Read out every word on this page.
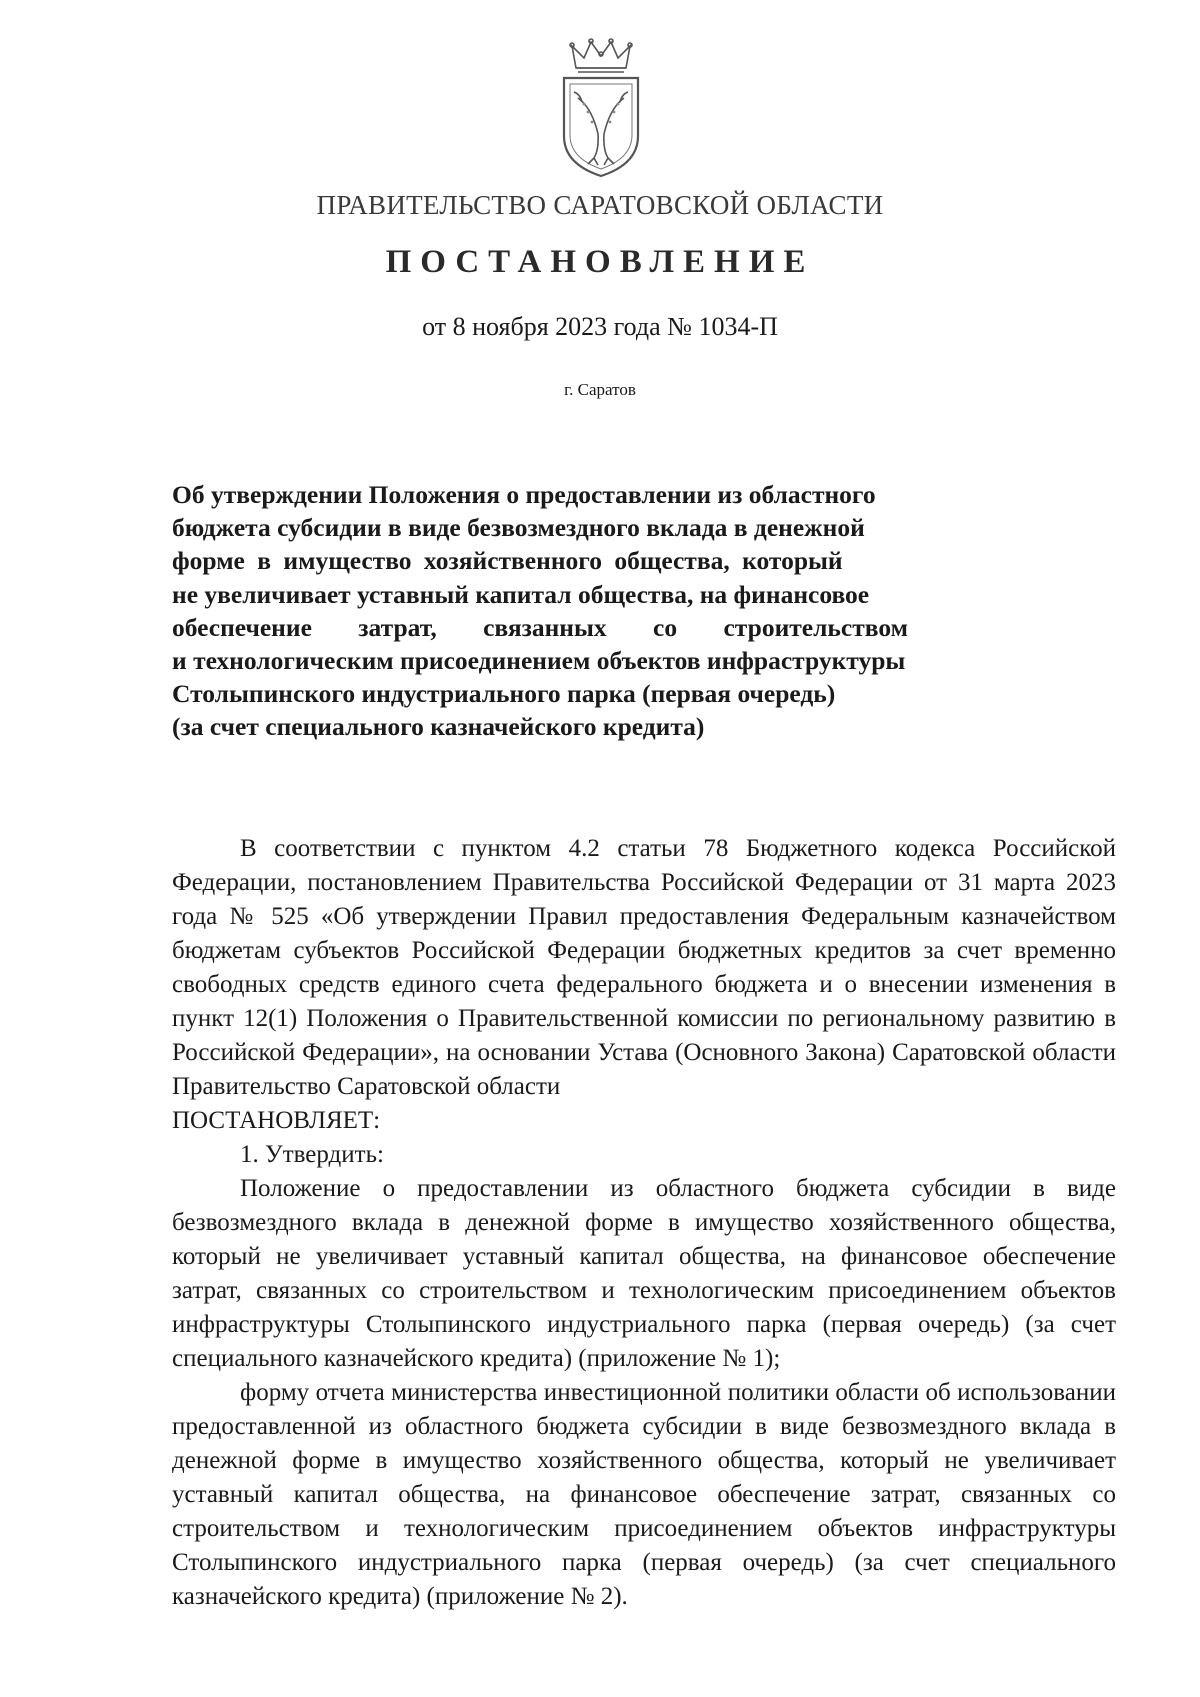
ПРАВИТЕЛЬСТВО САРАТОВСКОЙ ОБЛАСТИ
ПОСТАНОВЛЕНИЕ
от 8 ноября 2023 года № 1034-П
г. Саратов
Об утверждении Положения о предоставлении из областного
бюджета субсидии в виде безвозмездного вклада в денежной
форме в имущество хозяйственного общества, который
не увеличивает уставный капитал общества, на финансовое
обеспечение затрат, связанных со строительством
и технологическим присоединением объектов инфраструктуры
Столыпинского индустриального парка (первая очередь)
(за счет специального казначейского кредита)

В соответствии с пунктом 4.2 статьи 78 Бюджетного кодекса Российской Федерации, постановлением Правительства Российской Федерации от 31 марта 2023 года № 525 «Об утверждении Правил предоставления Федеральным казначейством бюджетам субъектов Российской Федерации бюджетных кредитов за счет временно свободных средств единого счета федерального бюджета и о внесении изменения в пункт 12(1) Положения о Правительственной комиссии по региональному развитию в Российской Федерации», на основании Устава (Основного Закона) Саратовской области Правительство Саратовской области

ПОСТАНОВЛЯЕТ:

1. Утвердить:

Положение о предоставлении из областного бюджета субсидии в виде безвозмездного вклада в денежной форме в имущество хозяйственного общества, который не увеличивает уставный капитал общества, на финансовое обеспечение затрат, связанных со строительством и технологическим присоединением объектов инфраструктуры Столыпинского индустриального парка (первая очередь) (за счет специального казначейского кредита) (приложение № 1);

форму отчета министерства инвестиционной политики области об использовании предоставленной из областного бюджета субсидии в виде безвозмездного вклада в денежной форме в имущество хозяйственного общества, который не увеличивает уставный капитал общества, на финансовое обеспечение затрат, связанных со строительством и технологическим присоединением объектов инфраструктуры Столыпинского индустриального парка (первая очередь) (за счет специального казначейского кредита) (приложение № 2).
